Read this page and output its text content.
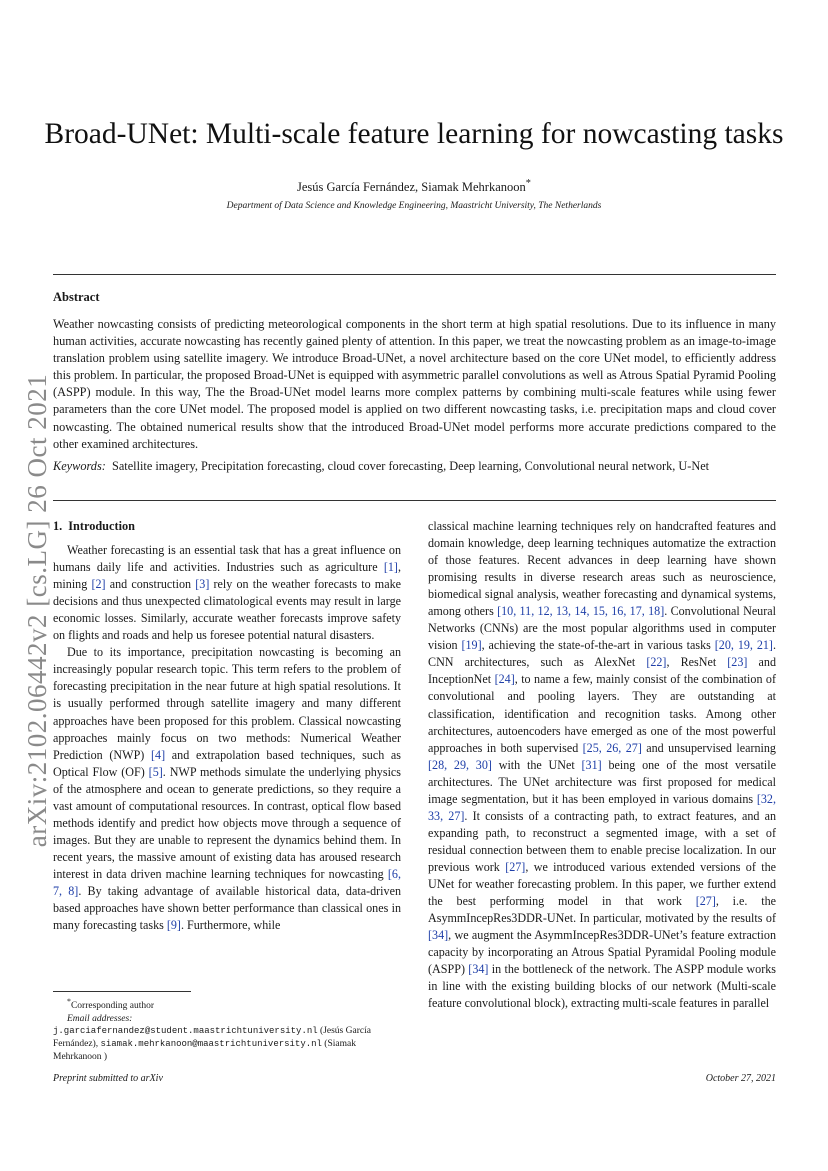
arXiv:2102.06442v2 [cs.LG] 26 Oct 2021
Broad-UNet: Multi-scale feature learning for nowcasting tasks
Jesús García Fernández, Siamak Mehrkanoon*
Department of Data Science and Knowledge Engineering, Maastricht University, The Netherlands
Abstract
Weather nowcasting consists of predicting meteorological components in the short term at high spatial resolutions. Due to its influence in many human activities, accurate nowcasting has recently gained plenty of attention. In this paper, we treat the nowcasting problem as an image-to-image translation problem using satellite imagery. We introduce Broad-UNet, a novel architecture based on the core UNet model, to efficiently address this problem. In particular, the proposed Broad-UNet is equipped with asymmetric parallel convolutions as well as Atrous Spatial Pyramid Pooling (ASPP) module. In this way, The the Broad-UNet model learns more complex patterns by combining multi-scale features while using fewer parameters than the core UNet model. The proposed model is applied on two different nowcasting tasks, i.e. precipitation maps and cloud cover nowcasting. The obtained numerical results show that the introduced Broad-UNet model performs more accurate predictions compared to the other examined architectures.
Keywords: Satellite imagery, Precipitation forecasting, cloud cover forecasting, Deep learning, Convolutional neural network, U-Net
1. Introduction

Weather forecasting is an essential task that has a great influence on humans daily life and activities. Industries such as agriculture [1], mining [2] and construction [3] rely on the weather forecasts to make decisions and thus unexpected climatological events may result in large economic losses. Similarly, accurate weather forecasts improve safety on flights and roads and help us foresee potential natural disasters.

Due to its importance, precipitation nowcasting is becoming an increasingly popular research topic. This term refers to the problem of forecasting precipitation in the near future at high spatial resolutions. It is usually performed through satellite imagery and many different approaches have been proposed for this problem. Classical nowcasting approaches mainly focus on two methods: Numerical Weather Prediction (NWP) [4] and extrapolation based techniques, such as Optical Flow (OF) [5]. NWP methods simulate the underlying physics of the atmosphere and ocean to generate predictions, so they require a vast amount of computational resources. In contrast, optical flow based methods identify and predict how objects move through a sequence of images. But they are unable to represent the dynamics behind them. In recent years, the massive amount of existing data has aroused research interest in data driven machine learning techniques for nowcasting [6, 7, 8]. By taking advantage of available historical data, data-driven based approaches have shown better performance than classical ones in many forecasting tasks [9]. Furthermore, while

classical machine learning techniques rely on handcrafted features and domain knowledge, deep learning techniques automatize the extraction of those features. Recent advances in deep learning have shown promising results in diverse research areas such as neuroscience, biomedical signal analysis, weather forecasting and dynamical systems, among others [10, 11, 12, 13, 14, 15, 16, 17, 18]. Convolutional Neural Networks (CNNs) are the most popular algorithms used in computer vision [19], achieving the state-of-the-art in various tasks [20, 19, 21]. CNN architectures, such as AlexNet [22], ResNet [23] and InceptionNet [24], to name a few, mainly consist of the combination of convolutional and pooling layers. They are outstanding at classification, identification and recognition tasks. Among other architectures, autoencoders have emerged as one of the most powerful approaches in both supervised [25, 26, 27] and unsupervised learning [28, 29, 30] with the UNet [31] being one of the most versatile architectures. The UNet architecture was first proposed for medical image segmentation, but it has been employed in various domains [32, 33, 27]. It consists of a contracting path, to extract features, and an expanding path, to reconstruct a segmented image, with a set of residual connection between them to enable precise localization. In our previous work [27], we introduced various extended versions of the UNet for weather forecasting problem. In this paper, we further extend the best performing model in that work [27], i.e. the AsymmIncepRes3DDR-UNet. In particular, motivated by the results of [34], we augment the AsymmIncepRes3DDR-UNet’s feature extraction capacity by incorporating an Atrous Spatial Pyramidal Pooling module (ASPP) [34] in the bottleneck of the network. The ASPP module works in line with the existing building blocks of our network (Multi-scale feature convolutional block), extracting multi-scale features in parallel

*Corresponding author
Email addresses:
j.garciafernandez@student.maastrichtuniversity.nl (Jesús García Fernández), siamak.mehrkanoon@maastrichtuniversity.nl (Siamak Mehrkanoon )
Preprint submitted to arXiv	October 27, 2021
